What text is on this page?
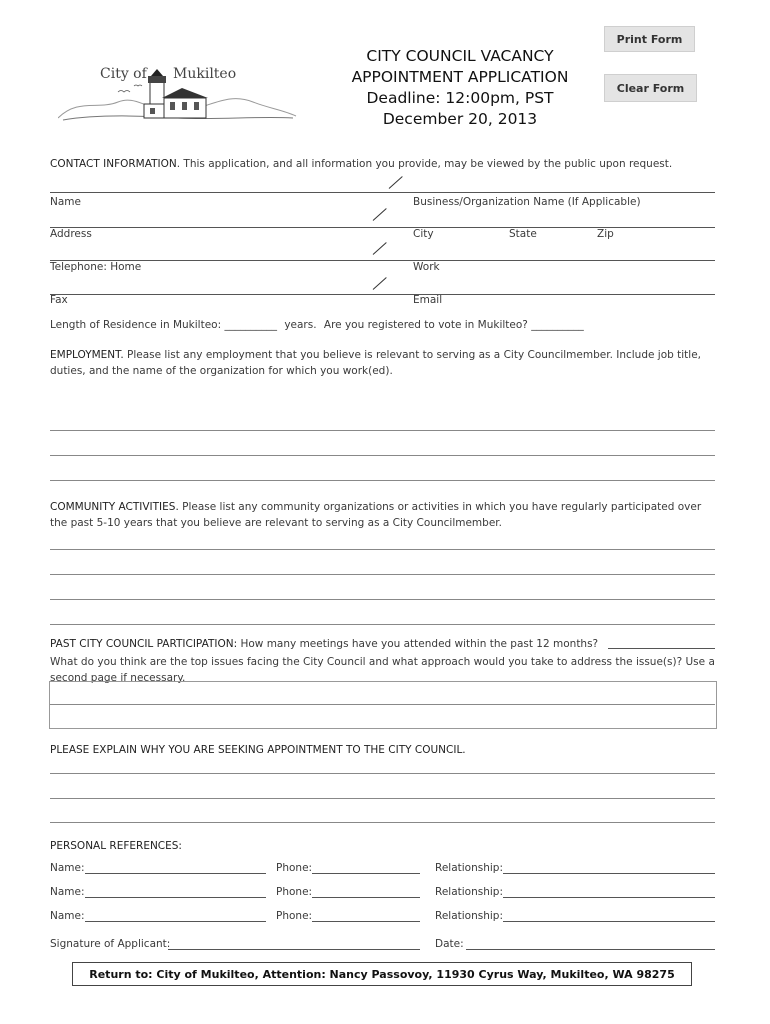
City of Mukilteo
CITY COUNCIL VACANCY
APPOINTMENT APPLICATION
Deadline: 12:00pm, PST
December 20, 2013
Print Form
Clear Form
CONTACT INFORMATION. This application, and all information you provide, may be viewed by the public upon request.
Name	Business/Organization Name (If Applicable)
Address	City	State	Zip
Telephone: Home	Work
Fax	Email
Length of Residence in Mukilteo: __________ years. Are you registered to vote in Mukilteo? __________
EMPLOYMENT. Please list any employment that you believe is relevant to serving as a City Councilmember. Include job title, duties, and the name of the organization for which you work(ed).
COMMUNITY ACTIVITIES. Please list any community organizations or activities in which you have regularly participated over the past 5-10 years that you believe are relevant to serving as a City Councilmember.
PAST CITY COUNCIL PARTICIPATION: How many meetings have you attended within the past 12 months?
What do you think are the top issues facing the City Council and what approach would you take to address the issue(s)? Use a second page if necessary.
PLEASE EXPLAIN WHY YOU ARE SEEKING APPOINTMENT TO THE CITY COUNCIL.
PERSONAL REFERENCES:
Name:	Phone:	Relationship:
Name:	Phone:	Relationship:
Name:	Phone:	Relationship:
Signature of Applicant:	Date:
Return to: City of Mukilteo, Attention: Nancy Passovoy, 11930 Cyrus Way, Mukilteo, WA 98275
